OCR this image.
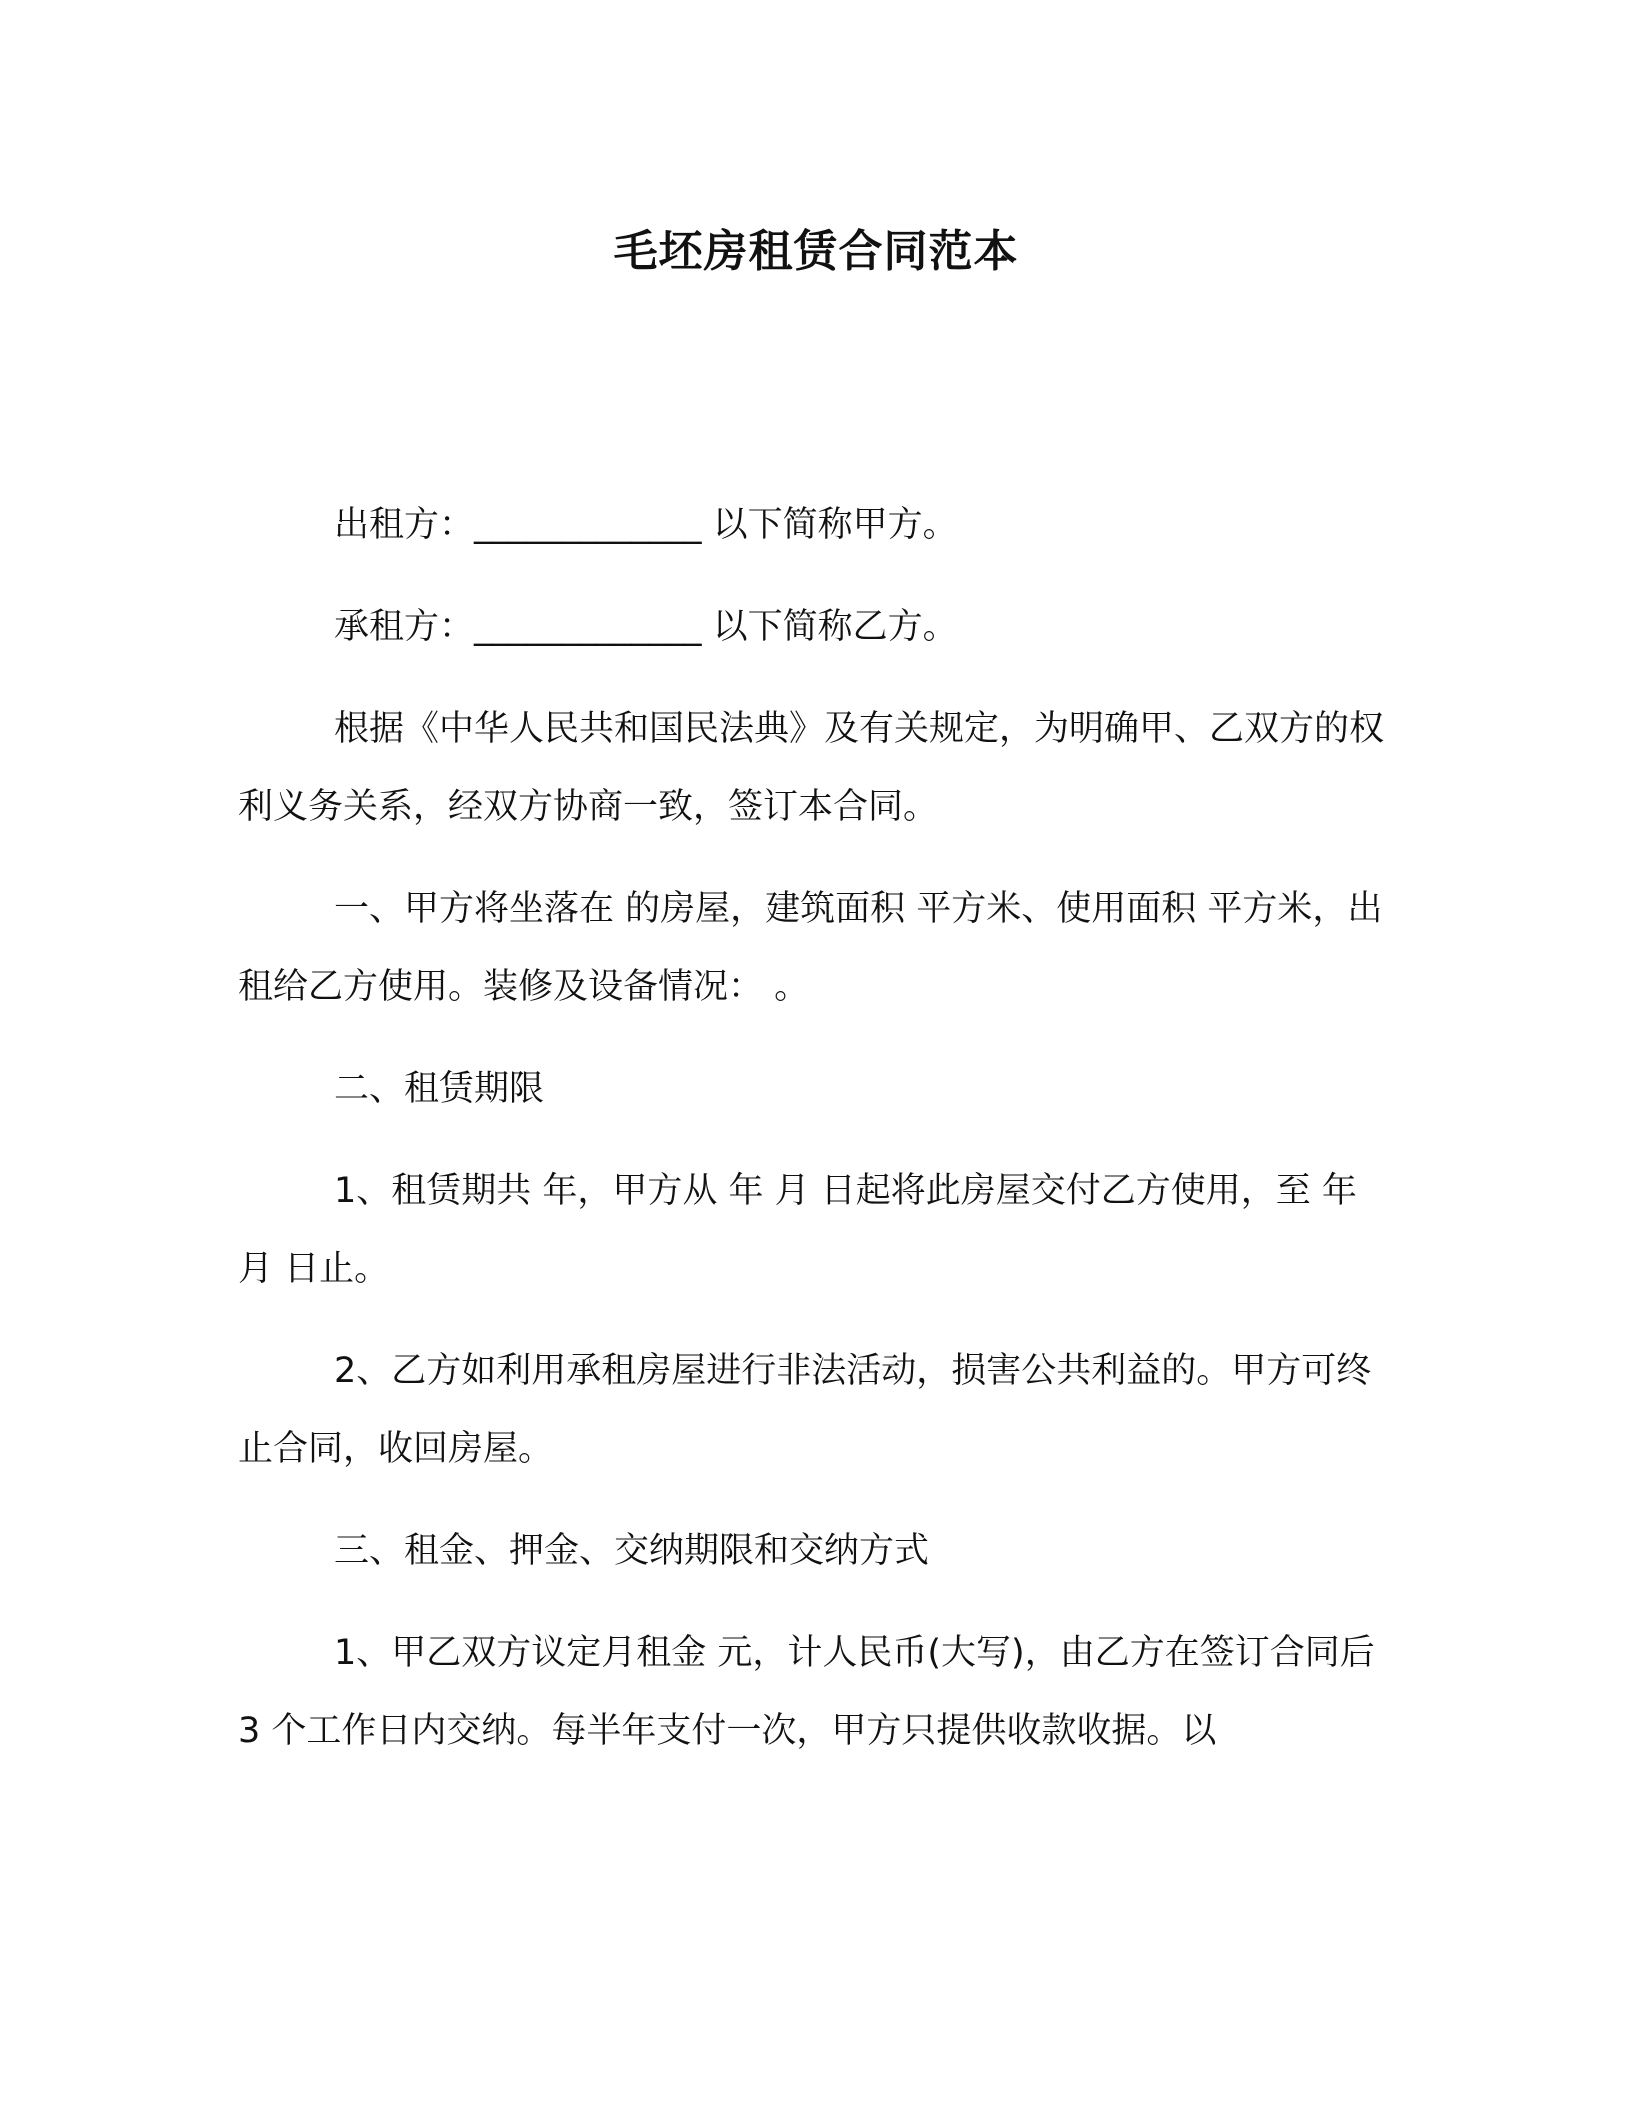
毛坯房租赁合同范本

出租方：_____________ 以下简称甲方。

承租方：_____________ 以下简称乙方。

根据《中华人民共和国民法典》及有关规定，为明确甲、乙双方的权利义务关系，经双方协商一致，签订本合同。

一、甲方将坐落在 的房屋，建筑面积 平方米、使用面积 平方米，出租给乙方使用。装修及设备情况： 。

二、租赁期限

1、租赁期共 年，甲方从 年 月 日起将此房屋交付乙方使用，至 年 月 日止。

2、乙方如利用承租房屋进行非法活动，损害公共利益的。甲方可终止合同，收回房屋。

三、租金、押金、交纳期限和交纳方式

1、甲乙双方议定月租金 元，计人民币(大写)，由乙方在签订合同后 3 个工作日内交纳。每半年支付一次，甲方只提供收款收据。以
